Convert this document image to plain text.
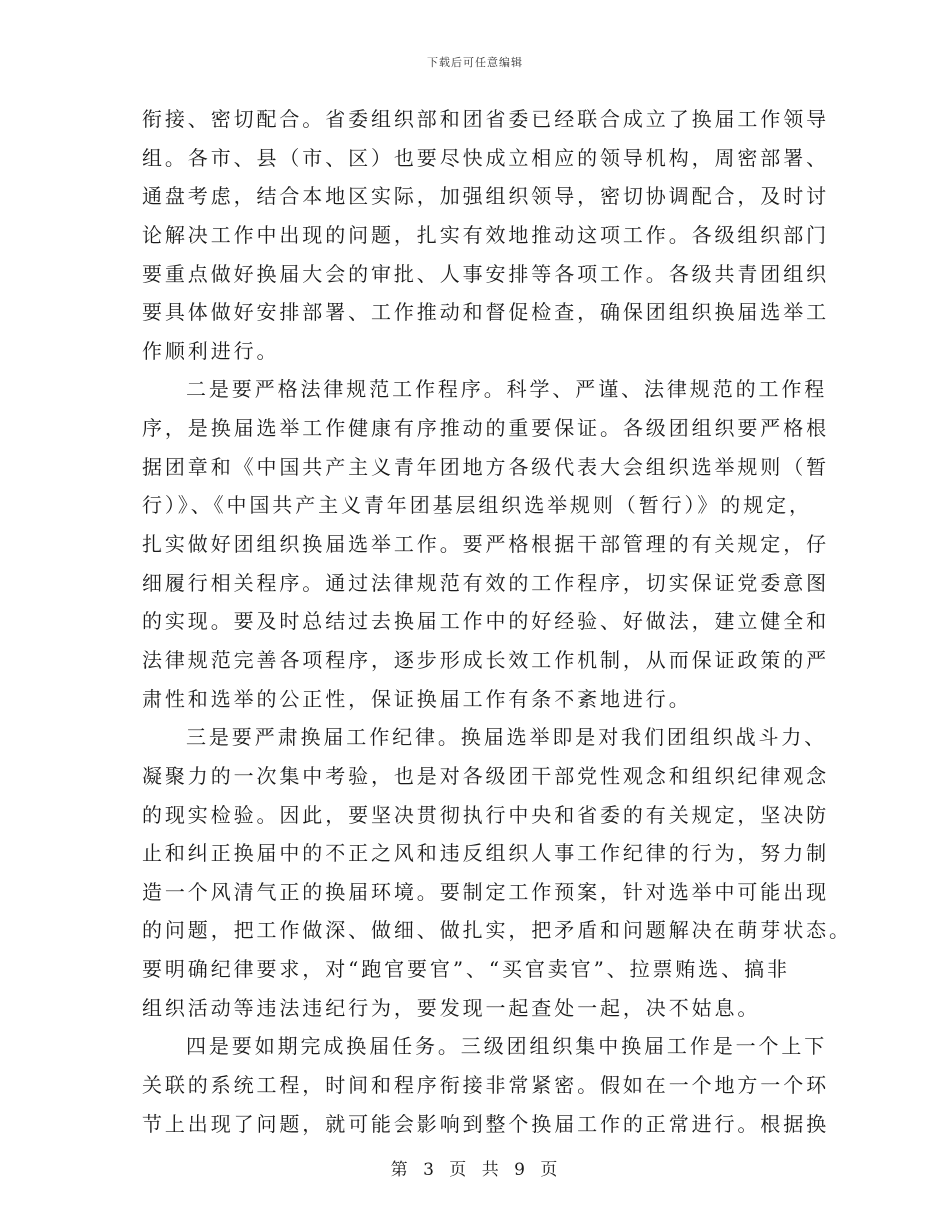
下载后可任意编辑
衔接、密切配合。省委组织部和团省委已经联合成立了换届工作领导
组。各市、县（市、区）也要尽快成立相应的领导机构，周密部署、
通盘考虑，结合本地区实际，加强组织领导，密切协调配合，及时讨
论解决工作中出现的问题，扎实有效地推动这项工作。各级组织部门
要重点做好换届大会的审批、人事安排等各项工作。各级共青团组织
要具体做好安排部署、工作推动和督促检查，确保团组织换届选举工
作顺利进行。
二是要严格法律规范工作程序。科学、严谨、法律规范的工作程
序，是换届选举工作健康有序推动的重要保证。各级团组织要严格根
据团章和《中国共产主义青年团地方各级代表大会组织选举规则（暂
行）》、《中国共产主义青年团基层组织选举规则（暂行）》的规定，
扎实做好团组织换届选举工作。要严格根据干部管理的有关规定，仔
细履行相关程序。通过法律规范有效的工作程序，切实保证党委意图
的实现。要及时总结过去换届工作中的好经验、好做法，建立健全和
法律规范完善各项程序，逐步形成长效工作机制，从而保证政策的严
肃性和选举的公正性，保证换届工作有条不紊地进行。
三是要严肃换届工作纪律。换届选举即是对我们团组织战斗力、
凝聚力的一次集中考验，也是对各级团干部党性观念和组织纪律观念
的现实检验。因此，要坚决贯彻执行中央和省委的有关规定，坚决防
止和纠正换届中的不正之风和违反组织人事工作纪律的行为，努力制
造一个风清气正的换届环境。要制定工作预案，针对选举中可能出现
的问题，把工作做深、做细、做扎实，把矛盾和问题解决在萌芽状态。
要明确纪律要求，对“跑官要官”、“买官卖官”、拉票贿选、搞非
组织活动等违法违纪行为，要发现一起查处一起，决不姑息。
四是要如期完成换届任务。三级团组织集中换届工作是一个上下
关联的系统工程，时间和程序衔接非常紧密。假如在一个地方一个环
节上出现了问题，就可能会影响到整个换届工作的正常进行。根据换
第 3 页 共 9 页
